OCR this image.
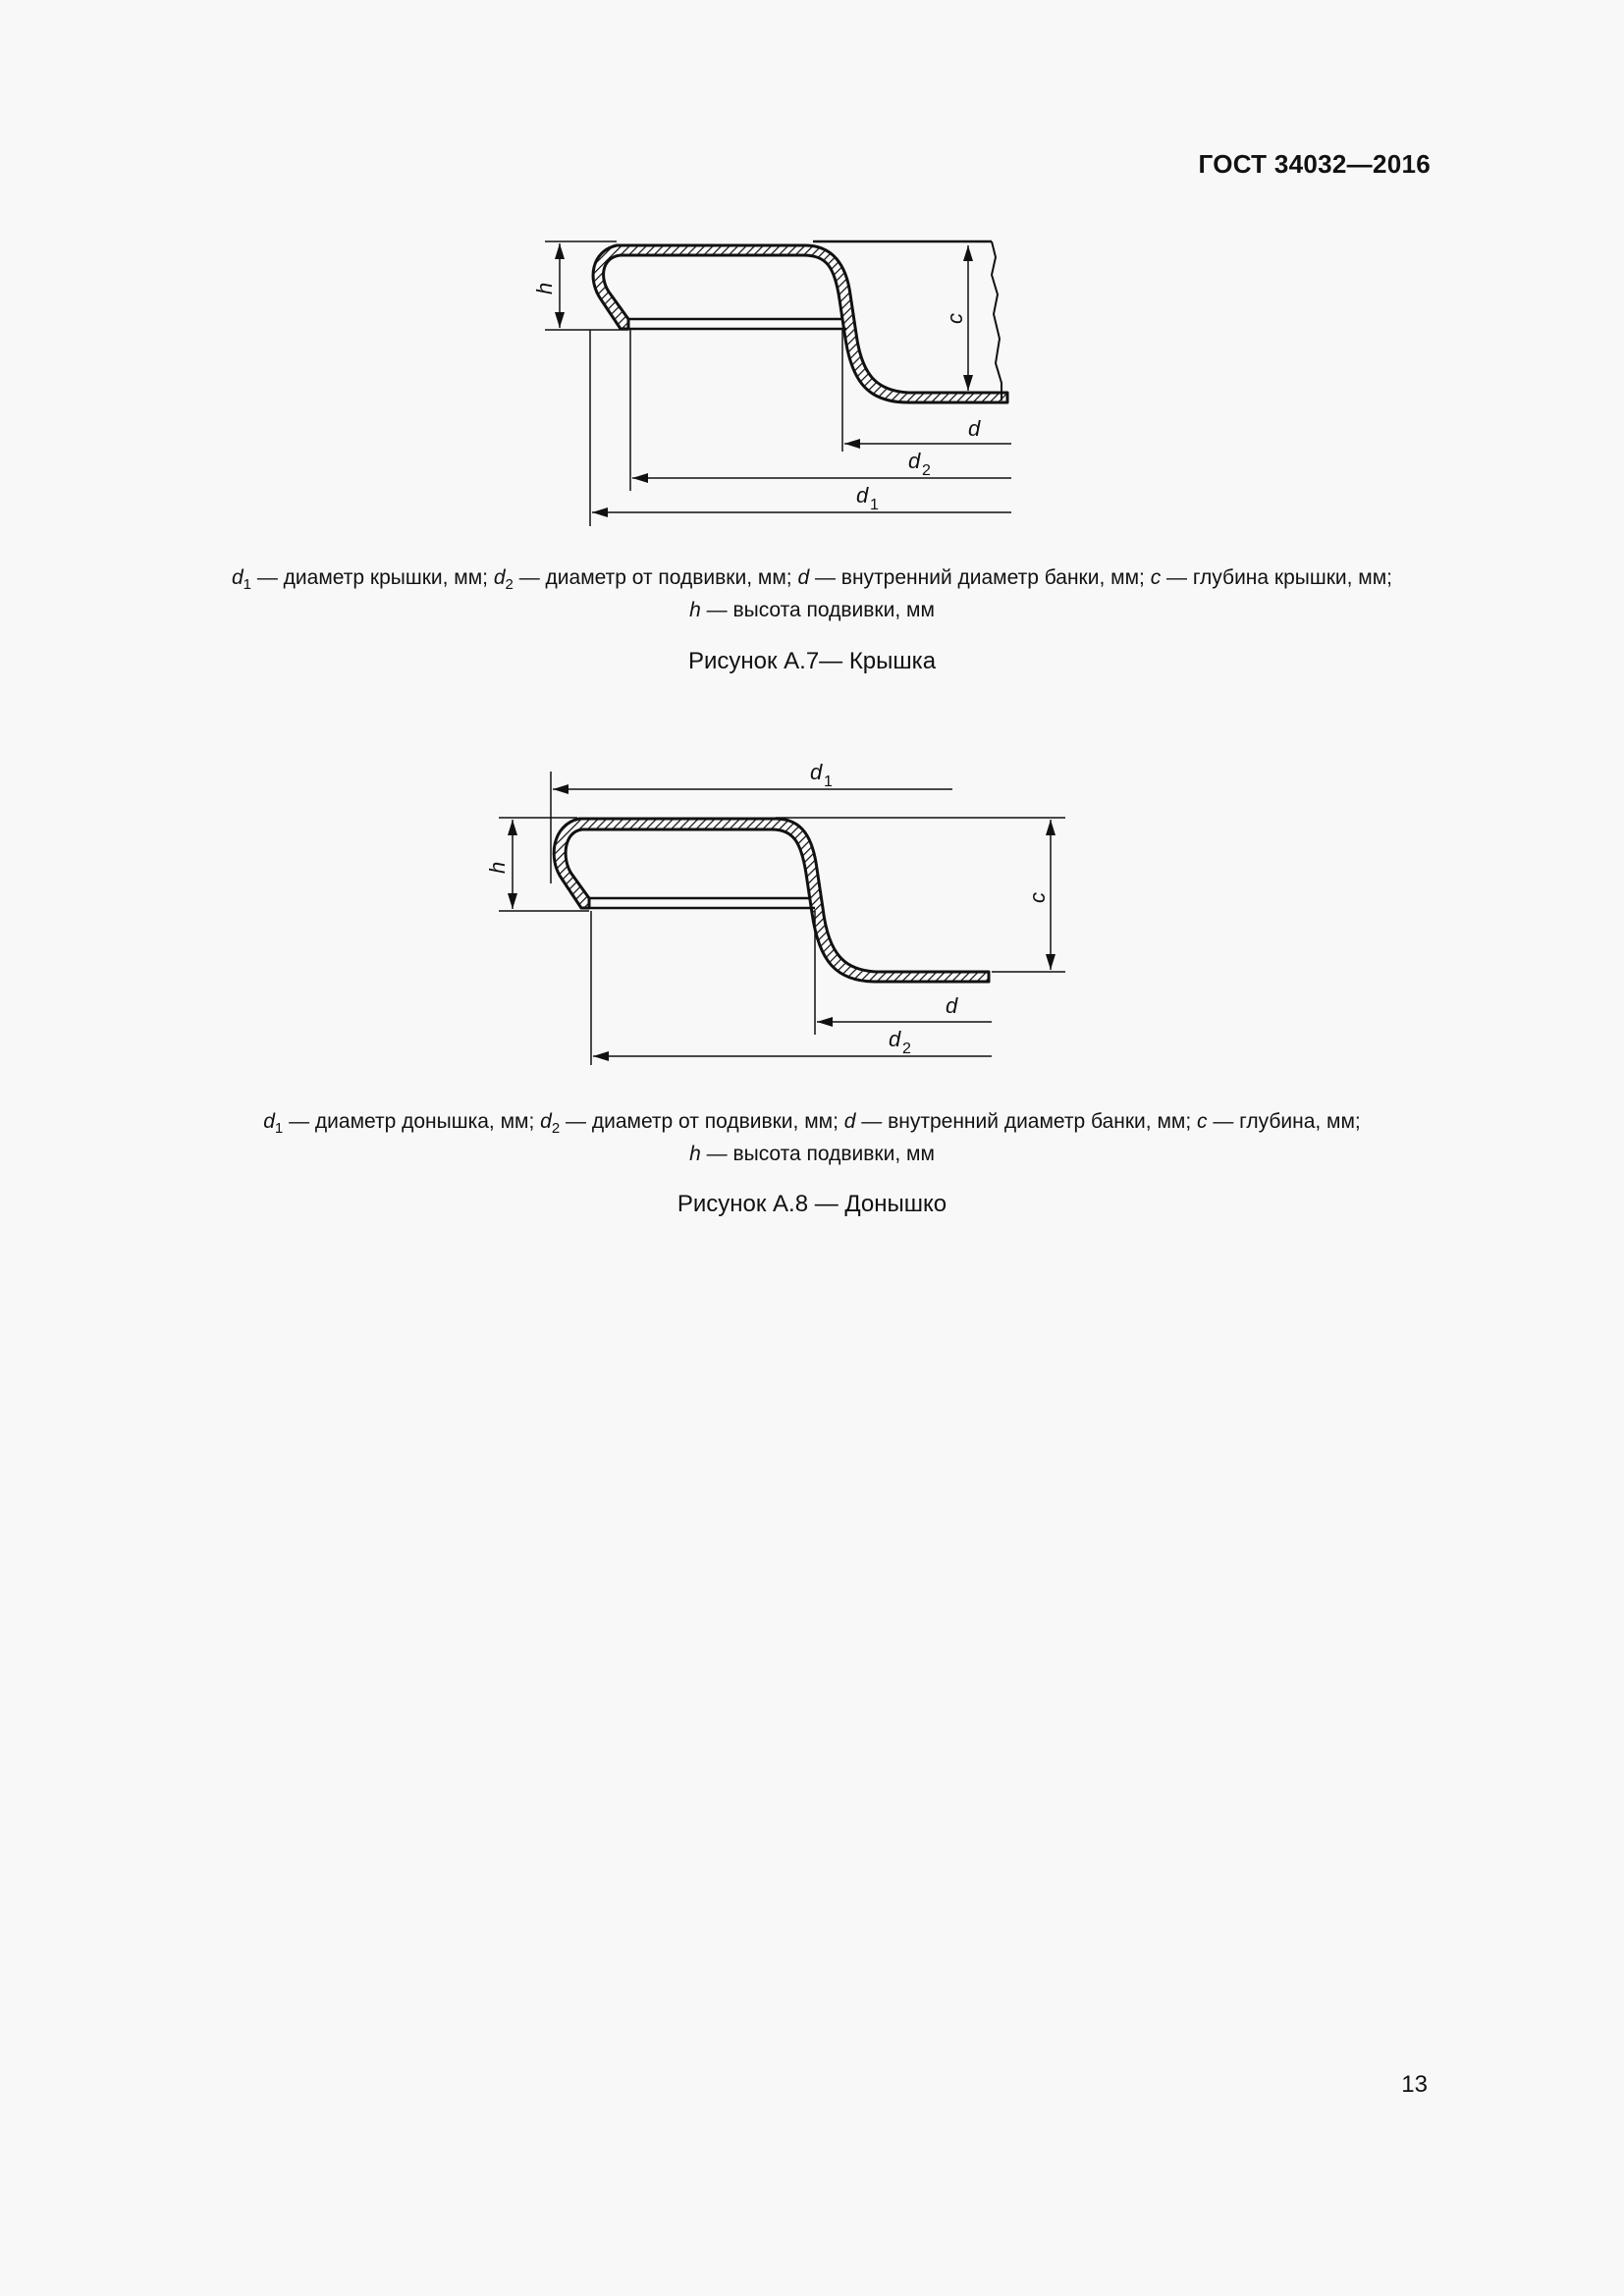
ГОСТ 34032—2016
h
c
d
d 2
d 1
$d_1$ — диаметр крышки, мм; $d_2$ — диаметр от подвивки, мм; d — внутренний диаметр банки, мм; c — глубина крышки, мм;
h — высота подвивки, мм
Рисунок А.7— Крышка
h
c
d 1
d
d 2
$d_1$ — диаметр донышка, мм; $d_2$ — диаметр от подвивки, мм; d — внутренний диаметр банки, мм; c — глубина, мм;
h — высота подвивки, мм
Рисунок А.8 — Донышко
13
